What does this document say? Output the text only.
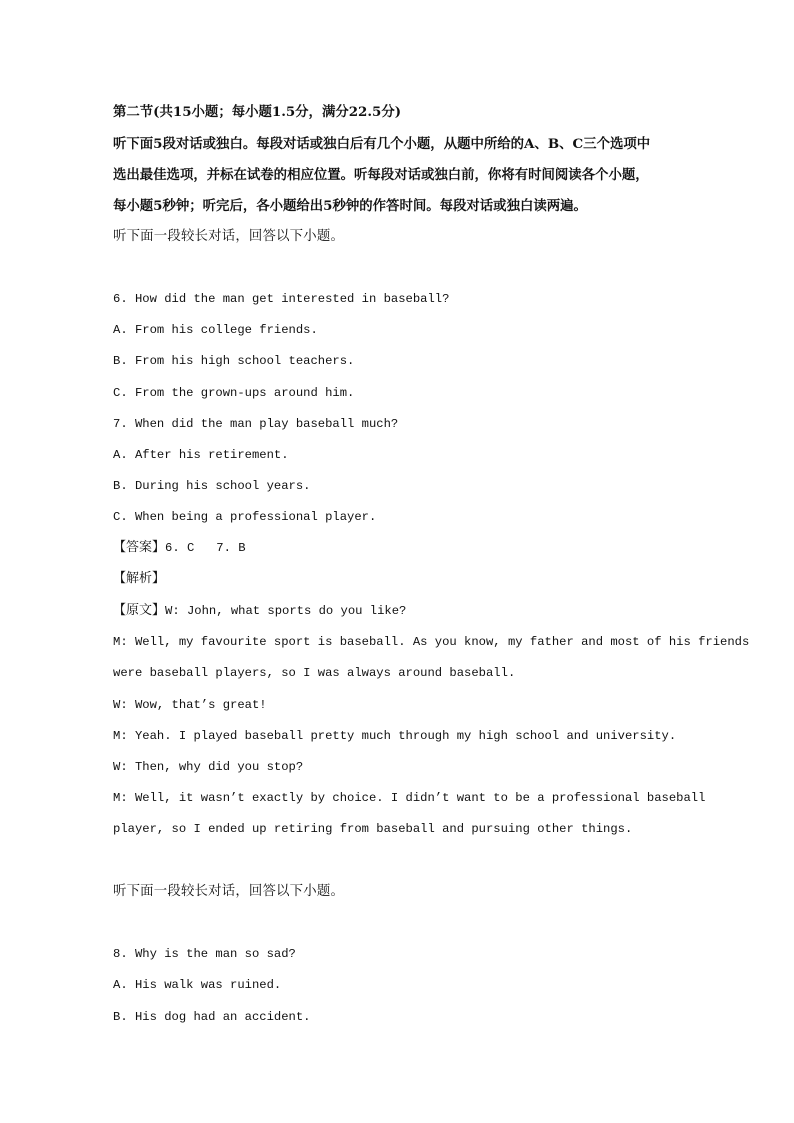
第二节(共15小题；每小题1.5分，满分22.5分)
听下面5段对话或独白。每段对话或独白后有几个小题，从题中所给的A、B、C三个选项中
选出最佳选项，并标在试卷的相应位置。听每段对话或独白前，你将有时间阅读各个小题，
每小题5秒钟；听完后，各小题给出5秒钟的作答时间。每段对话或独白读两遍。
听下面一段较长对话，回答以下小题。
6. How did the man get interested in baseball?
A. From his college friends.
B. From his high school teachers.
C. From the grown-ups around him.
7. When did the man play baseball much?
A. After his retirement.
B. During his school years.
C. When being a professional player.
【答案】6. C 7. B
【解析】
【原文】W: John, what sports do you like?
M: Well, my favourite sport is baseball. As you know, my father and most of his friends
were baseball players, so I was always around baseball.
W: Wow, that’s great!
M: Yeah. I played baseball pretty much through my high school and university.
W: Then, why did you stop?
M: Well, it wasn’t exactly by choice. I didn’t want to be a professional baseball
player, so I ended up retiring from baseball and pursuing other things.
听下面一段较长对话，回答以下小题。
8. Why is the man so sad?
A. His walk was ruined.
B. His dog had an accident.
